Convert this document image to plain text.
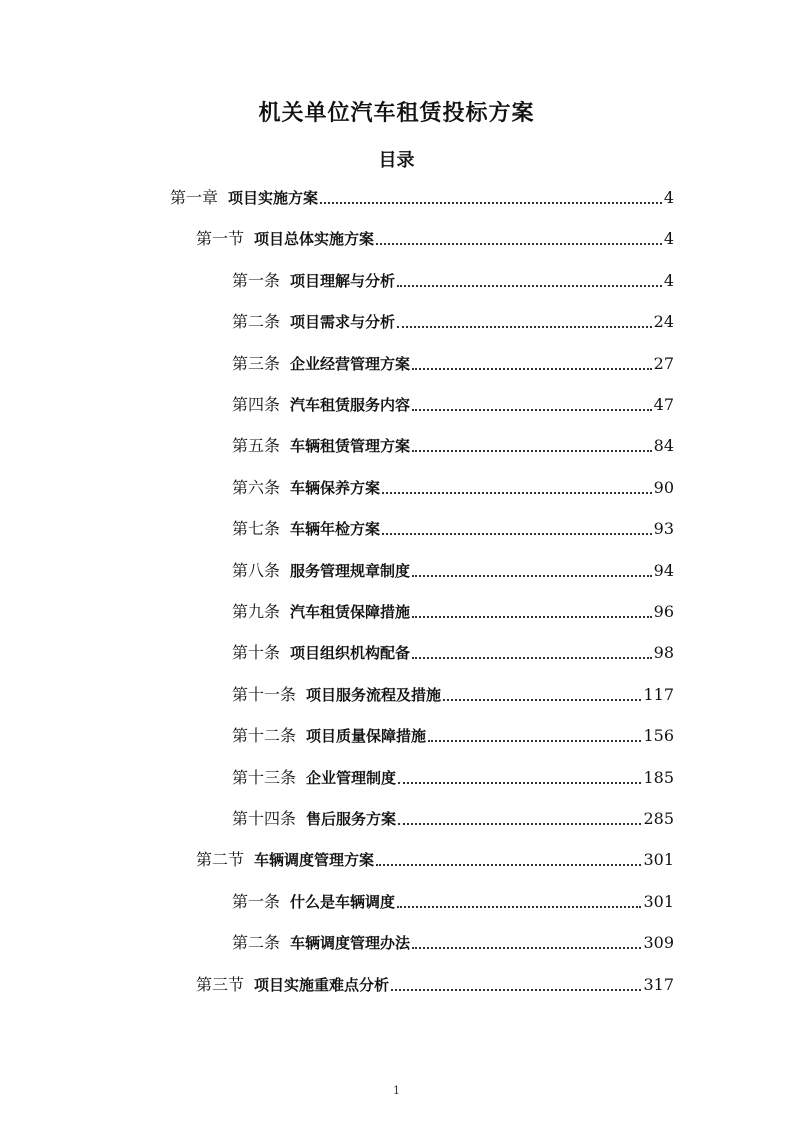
机关单位汽车租赁投标方案
目录
第一章 项目实施方案	4
第一节 项目总体实施方案	4
第一条 项目理解与分析	4
第二条 项目需求与分析	24
第三条 企业经营管理方案	27
第四条 汽车租赁服务内容	47
第五条 车辆租赁管理方案	84
第六条 车辆保养方案	90
第七条 车辆年检方案	93
第八条 服务管理规章制度	94
第九条 汽车租赁保障措施	96
第十条 项目组织机构配备	98
第十一条 项目服务流程及措施	117
第十二条 项目质量保障措施	156
第十三条 企业管理制度	185
第十四条 售后服务方案	285
第二节 车辆调度管理方案	301
第一条 什么是车辆调度	301
第二条 车辆调度管理办法	309
第三节 项目实施重难点分析	317
1
